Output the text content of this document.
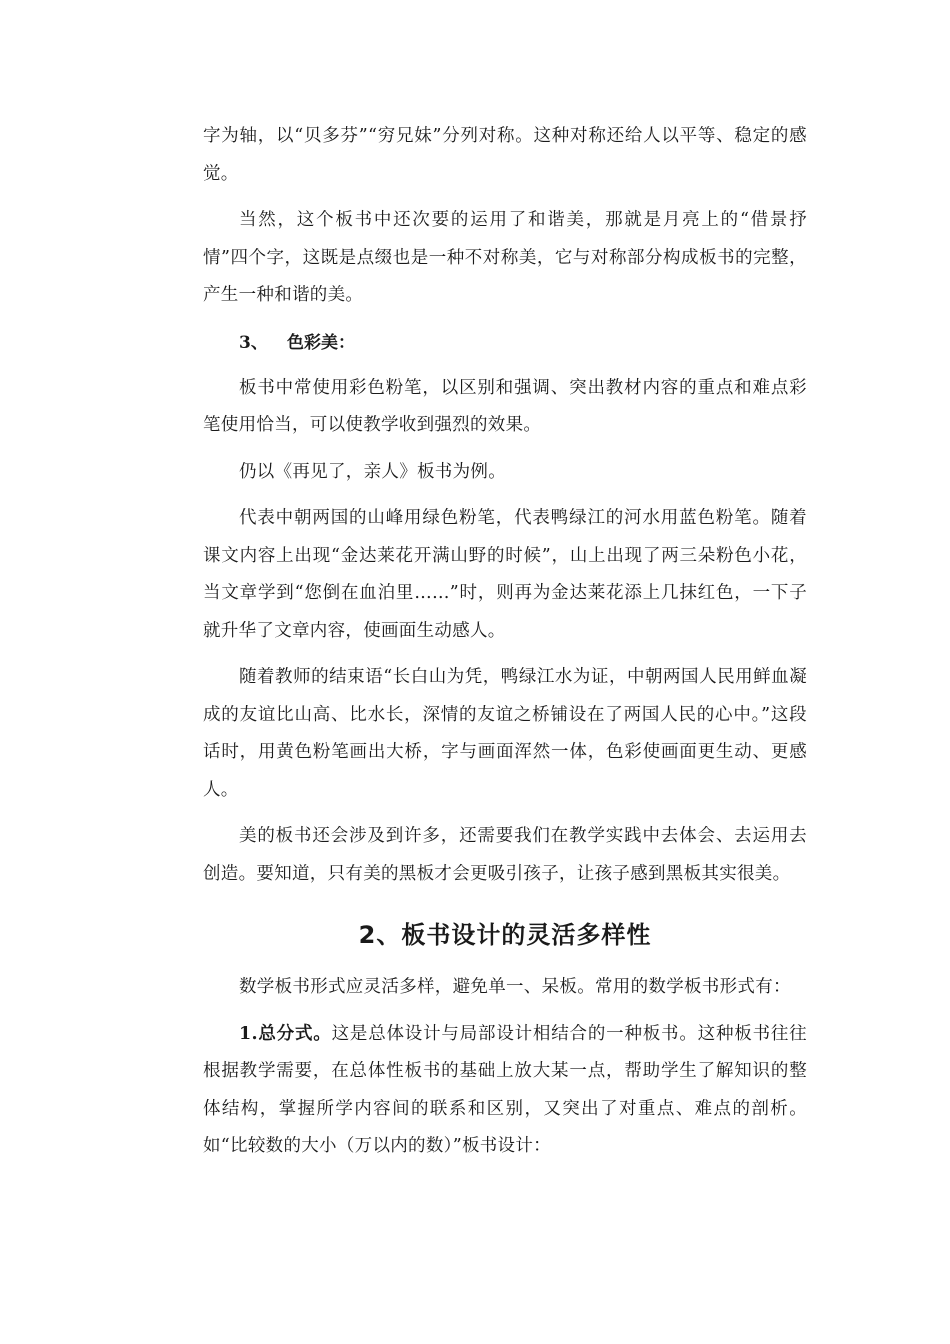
字为轴，以“贝多芬”“穷兄妹”分列对称。这种对称还给人以平等、稳定的感觉。

当然，这个板书中还次要的运用了和谐美，那就是月亮上的“借景抒情”四个字，这既是点缀也是一种不对称美，它与对称部分构成板书的完整，产生一种和谐的美。

3、 色彩美：

板书中常使用彩色粉笔，以区别和强调、突出教材内容的重点和难点彩笔使用恰当，可以使教学收到强烈的效果。

仍以《再见了，亲人》板书为例。

代表中朝两国的山峰用绿色粉笔，代表鸭绿江的河水用蓝色粉笔。随着课文内容上出现“金达莱花开满山野的时候”，山上出现了两三朵粉色小花，当文章学到“您倒在血泊里……”时，则再为金达莱花添上几抹红色，一下子就升华了文章内容，使画面生动感人。

随着教师的结束语“长白山为凭，鸭绿江水为证，中朝两国人民用鲜血凝成的友谊比山高、比水长，深情的友谊之桥铺设在了两国人民的心中。”这段话时，用黄色粉笔画出大桥，字与画面浑然一体，色彩使画面更生动、更感人。

美的板书还会涉及到许多，还需要我们在教学实践中去体会、去运用去创造。要知道，只有美的黑板才会更吸引孩子，让孩子感到黑板其实很美。

2、板书设计的灵活多样性

数学板书形式应灵活多样，避免单一、呆板。常用的数学板书形式有：

1.总分式。这是总体设计与局部设计相结合的一种板书。这种板书往往根据教学需要，在总体性板书的基础上放大某一点，帮助学生了解知识的整体结构，掌握所学内容间的联系和区别，又突出了对重点、难点的剖析。如“比较数的大小（万以内的数）”板书设计：
